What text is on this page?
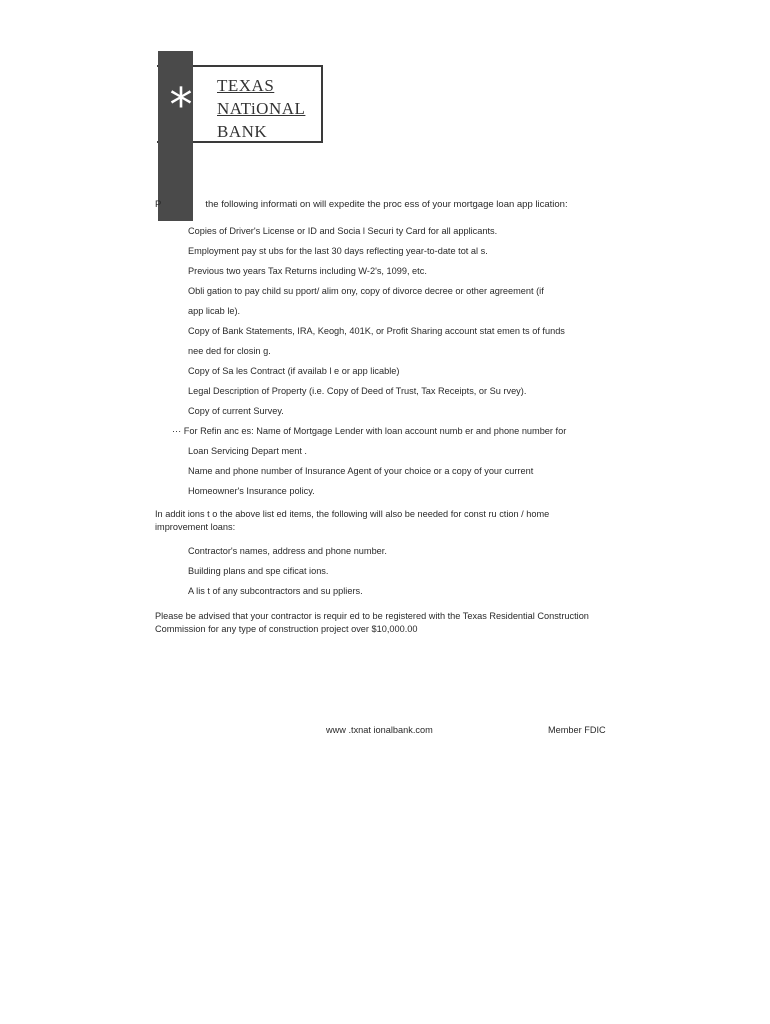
* TEXAS
NATiONAL
BANK
P	the following informati on will expedite the proc ess of your mortgage loan app lication:
Copies of Driver's License or ID and Socia l Securi ty Card for all applicants.
Employment pay st ubs for the last 30 days reflecting year-to-date tot al s.
Previous two years Tax Returns including W-2's, 1099, etc.
Obli gation to pay child su pport/ alim ony, copy of divorce decree or other agreement (if
app licab le).
Copy of Bank Statements, IRA, Keogh, 401K, or Profit Sharing account stat emen ts of funds
nee ded for closin g.
Copy of Sa les Contract (if availab l e or app licable)
Legal Description of Property (i.e. Copy of Deed of Trust, Tax Receipts, or Su rvey).
Copy of current Survey.
··· For Refin anc es: Name of Mortgage Lender with loan account numb er and phone number for
Loan Servicing Depart ment .
Name and phone number of Insurance Agent of your choice or a copy of your current
Homeowner's Insurance policy.
In addit ions t o the above list ed items, the following will also be needed for const ru ction / home improvement loans:
Contractor's names, address and phone number.
Building plans and spe cificat ions.
A lis t of any subcontractors and su ppliers.
Please be advised that your contractor is requir ed to be registered with the Texas Residential Construction Commission for any type of construction project over $10,000.00
www .txnat ionalbank.com	Member FDIC
